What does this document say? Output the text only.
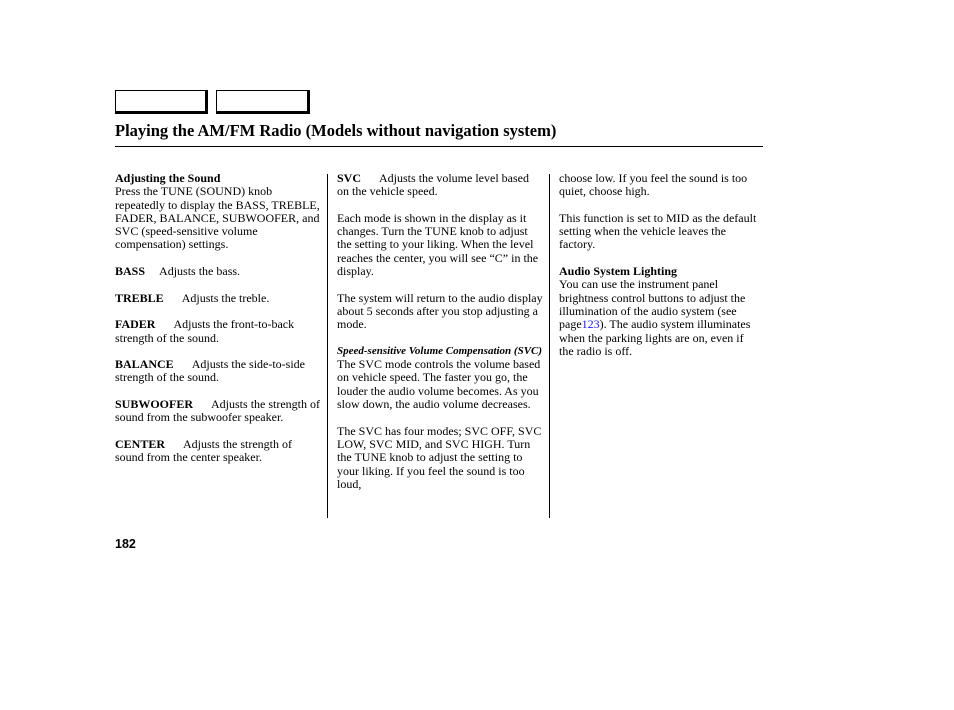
Playing the AM/FM Radio (Models without navigation system)
Adjusting the Sound

Press the TUNE (SOUND) knob repeatedly to display the BASS, TREBLE, FADER, BALANCE, SUBWOOFER, and SVC (speed-sensitive volume compensation) settings.

BASS Adjusts the bass.

TREBLE Adjusts the treble.

FADER Adjusts the front-to-back strength of the sound.

BALANCE Adjusts the side-to-side strength of the sound.

SUBWOOFER Adjusts the strength of sound from the subwoofer speaker.

CENTER Adjusts the strength of sound from the center speaker.

SVC Adjusts the volume level based on the vehicle speed.

Each mode is shown in the display as it changes. Turn the TUNE knob to adjust the setting to your liking. When the level reaches the center, you will see “C” in the display.

The system will return to the audio display about 5 seconds after you stop adjusting a mode.

Speed-sensitive Volume Compensation (SVC)

The SVC mode controls the volume based on vehicle speed. The faster you go, the louder the audio volume becomes. As you slow down, the audio volume decreases.

The SVC has four modes; SVC OFF, SVC LOW, SVC MID, and SVC HIGH. Turn the TUNE knob to adjust the setting to your liking. If you feel the sound is too loud,

choose low. If you feel the sound is too quiet, choose high.

This function is set to MID as the default setting when the vehicle leaves the factory.

Audio System Lighting

You can use the instrument panel brightness control buttons to adjust the illumination of the audio system (see page123). The audio system illuminates when the parking lights are on, even if the radio is off.

182
